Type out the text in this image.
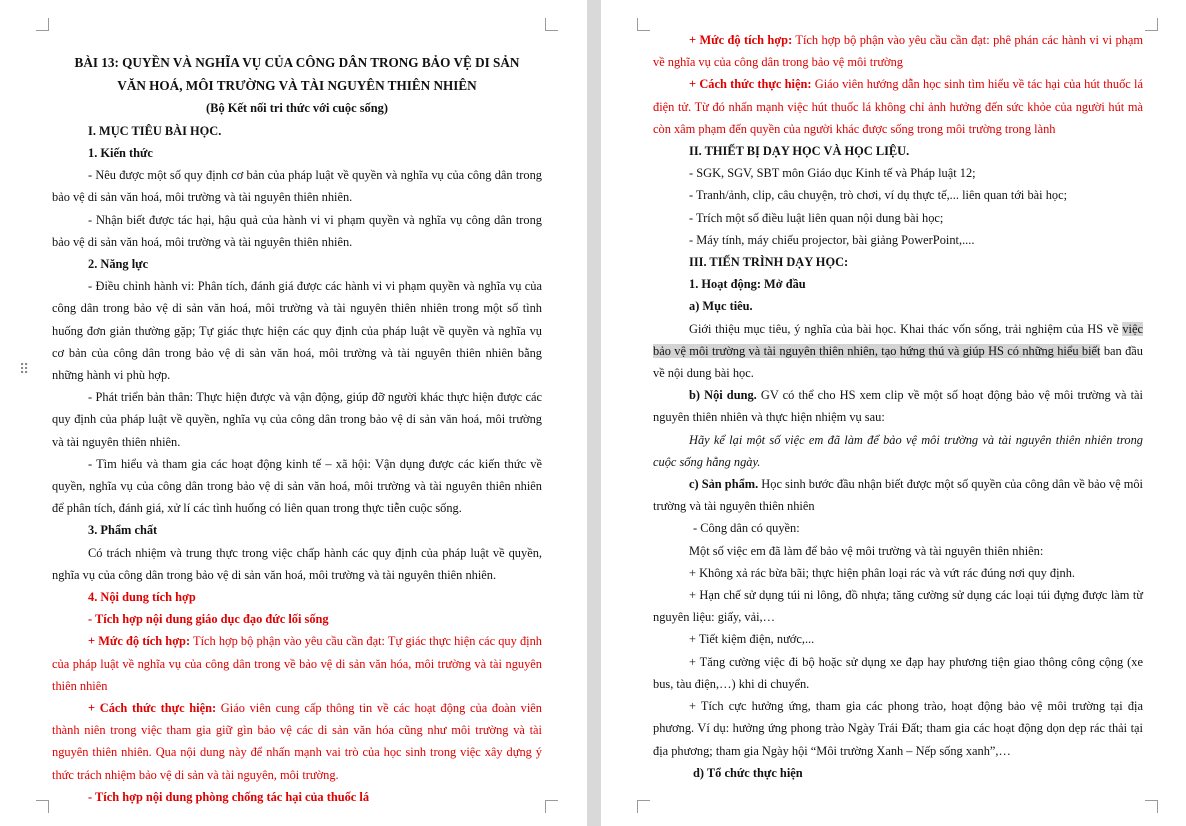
BÀI 13: QUYỀN VÀ NGHĨA VỤ CỦA CÔNG DÂN TRONG BẢO VỆ DI SẢN

VĂN HOÁ, MÔI TRƯỜNG VÀ TÀI NGUYÊN THIÊN NHIÊN

(Bộ Kết nối tri thức với cuộc sống)

I. MỤC TIÊU BÀI HỌC.

1. Kiến thức

- Nêu được một số quy định cơ bản của pháp luật về quyền và nghĩa vụ của công dân trong bảo vệ di sản văn hoá, môi trường và tài nguyên thiên nhiên.

- Nhận biết được tác hại, hậu quả của hành vi vi phạm quyền và nghĩa vụ công dân trong bảo vệ di sản văn hoá, môi trường và tài nguyên thiên nhiên.

2. Năng lực

- Điều chỉnh hành vi: Phân tích, đánh giá được các hành vi vi phạm quyền và nghĩa vụ của công dân trong bảo vệ di sản văn hoá, môi trường và tài nguyên thiên nhiên trong một số tình huống đơn giản thường gặp; Tự giác thực hiện các quy định của pháp luật về quyền và nghĩa vụ cơ bản của công dân trong bảo vệ di sản văn hoá, môi trường và tài nguyên thiên nhiên bằng những hành vi phù hợp.

- Phát triển bản thân: Thực hiện được và vận động, giúp đỡ người khác thực hiện được các quy định của pháp luật về quyền, nghĩa vụ của công dân trong bảo vệ di sản văn hoá, môi trường và tài nguyên thiên nhiên.

- Tìm hiểu và tham gia các hoạt động kinh tế – xã hội: Vận dụng được các kiến thức về quyền, nghĩa vụ của công dân trong bảo vệ di sản văn hoá, môi trường và tài nguyên thiên nhiên để phân tích, đánh giá, xử lí các tình huống có liên quan trong thực tiễn cuộc sống.

3. Phẩm chất

Có trách nhiệm và trung thực trong việc chấp hành các quy định của pháp luật về quyền, nghĩa vụ của công dân trong bảo vệ di sản văn hoá, môi trường và tài nguyên thiên nhiên.

4. Nội dung tích hợp

- Tích hợp nội dung giáo dục đạo đức lối sống

+ Mức độ tích hợp: Tích hợp bộ phận vào yêu cầu cần đạt: Tự giác thực hiện các quy định của pháp luật về nghĩa vụ của công dân trong về bảo vệ di sản văn hóa, môi trường và tài nguyên thiên nhiên

+ Cách thức thực hiện: Giáo viên cung cấp thông tin về các hoạt động của đoàn viên thành niên trong việc tham gia giữ gìn bảo vệ các di sản văn hóa cũng như môi trường và tài nguyên thiên nhiên. Qua nội dung này để nhấn mạnh vai trò của học sinh trong việc xây dựng ý thức trách nhiệm bảo vệ di sản và tài nguyên, môi trường.

- Tích hợp nội dung phòng chống tác hại của thuốc lá

+ Mức độ tích hợp: Tích hợp bộ phận vào yêu cầu cần đạt: phê phán các hành vi vi phạm về nghĩa vụ của công dân trong bảo vệ môi trường

+ Cách thức thực hiện: Giáo viên hướng dẫn học sinh tìm hiểu về tác hại của hút thuốc lá điện tử. Từ đó nhấn mạnh việc hút thuốc lá không chỉ ảnh hưởng đến sức khỏe của người hút mà còn xâm phạm đến quyền của người khác được sống trong môi trường trong lành

II. THIẾT BỊ DẠY HỌC VÀ HỌC LIỆU.

- SGK, SGV, SBT môn Giáo dục Kinh tế và Pháp luật 12;

- Tranh/ảnh, clip, câu chuyện, trò chơi, ví dụ thực tế,... liên quan tới bài học;

- Trích một số điều luật liên quan nội dung bài học;

- Máy tính, máy chiếu projector, bài giảng PowerPoint,....

III. TIẾN TRÌNH DẠY HỌC:

1. Hoạt động: Mở đầu

a) Mục tiêu.

Giới thiệu mục tiêu, ý nghĩa của bài học. Khai thác vốn sống, trải nghiệm của HS về việc bảo vệ môi trường và tài nguyên thiên nhiên, tạo hứng thú và giúp HS có những hiểu biết ban đầu về nội dung bài học.

b) Nội dung. GV có thể cho HS xem clip về một số hoạt động bảo vệ môi trường và tài nguyên thiên nhiên và thực hiện nhiệm vụ sau:

Hãy kể lại một số việc em đã làm để bảo vệ môi trường và tài nguyên thiên nhiên trong cuộc sống hằng ngày.

c) Sản phẩm. Học sinh bước đầu nhận biết được một số quyền của công dân về bảo vệ môi trường và tài nguyên thiên nhiên

- Công dân có quyền:

Một số việc em đã làm để bảo vệ môi trường và tài nguyên thiên nhiên:

+ Không xả rác bừa bãi; thực hiện phân loại rác và vứt rác đúng nơi quy định.

+ Hạn chế sử dụng túi ni lông, đồ nhựa; tăng cường sử dụng các loại túi đựng được làm từ nguyên liệu: giấy, vải,…

+ Tiết kiệm điện, nước,...

+ Tăng cường việc đi bộ hoặc sử dụng xe đạp hay phương tiện giao thông công cộng (xe bus, tàu điện,…) khi di chuyển.

+ Tích cực hưởng ứng, tham gia các phong trào, hoạt động bảo vệ môi trường tại địa phương. Ví dụ: hưởng ứng phong trào Ngày Trái Đất; tham gia các hoạt động dọn dẹp rác thải tại địa phương; tham gia Ngày hội “Môi trường Xanh – Nếp sống xanh”,…

d) Tổ chức thực hiện

⠿
